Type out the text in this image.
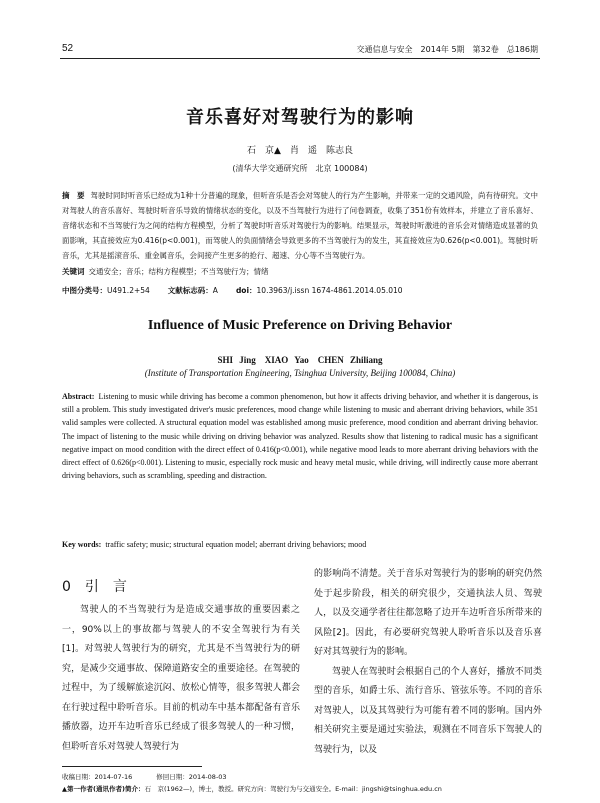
52	交通信息与安全　2014年 5期　第32卷　总186期
音乐喜好对驾驶行为的影响
石　京▲　肖　遥　陈志良
(清华大学交通研究所　北京 100084)
摘　要 驾驶时同时听音乐已经成为1种十分普遍的现象，但听音乐是否会对驾驶人的行为产生影响，并带来一定的交通风险，尚有待研究。文中对驾驶人的音乐喜好、驾驶时听音乐导致的情绪状态的变化，以及不当驾驶行为进行了问卷调查，收集了351份有效样本，并建立了音乐喜好、音绪状态和不当驾驶行为之间的结构方程模型，分析了驾驶时听音乐对驾驶行为的影响。结果显示，驾驶时听激进的音乐会对情绪造成显著的负面影响，其直接效应为0.416(p<0.001)，而驾驶人的负面情绪会导致更多的不当驾驶行为的发生，其直接效应为0.626(p<0.001)。驾驶时听音乐，尤其是摇滚音乐、重金属音乐，会间接产生更多的抢行、超速、分心等不当驾驶行为。
关键词 交通安全；音乐；结构方程模型；不当驾驶行为；情绪
中图分类号：U491.2+54 文献标志码：A doi：10.3963/j.issn 1674-4861.2014.05.010
Influence of Music Preference on Driving Behavior
SHI Jing　XIAO Yao　CHEN Zhiliang
(Institute of Transportation Engineering, Tsinghua University, Beijing 100084, China)
Abstract: Listening to music while driving has become a common phenomenon, but how it affects driving behavior, and whether it is dangerous, is still a problem. This study investigated driver's music preferences, mood change while listening to music and aberrant driving behaviors, while 351 valid samples were collected. A structural equation model was established among music preference, mood condition and aberrant driving behavior. The impact of listening to the music while driving on driving behavior was analyzed. Results show that listening to radical music has a significant negative impact on mood condition with the direct effect of 0.416(p<0.001), while negative mood leads to more aberrant driving behaviors with the direct effect of 0.626(p<0.001). Listening to music, especially rock music and heavy metal music, while driving, will indirectly cause more aberrant driving behaviors, such as scrambling, speeding and distraction.
Key words: traffic safety; music; structural equation model; aberrant driving behaviors; mood
0　引　言

驾驶人的不当驾驶行为是造成交通事故的重要因素之一，90%以上的事故都与驾驶人的不安全驾驶行为有关[1]。对驾驶人驾驶行为的研究，尤其是不当驾驶行为的研究，是减少交通事故、保障道路安全的重要途径。在驾驶的过程中，为了缓解旅途沉闷、放松心情等，很多驾驶人都会在行驶过程中聆听音乐。目前的机动车中基本都配备有音乐播放器，边开车边听音乐已经成了很多驾驶人的一种习惯，但聆听音乐对驾驶人驾驶行为

的影响尚不清楚。关于音乐对驾驶行为的影响的研究仍然处于起步阶段，相关的研究很少，交通执法人员、驾驶人，以及交通学者往往都忽略了边开车边听音乐所带来的风险[2]。因此，有必要研究驾驶人聆听音乐以及音乐喜好对其驾驶行为的影响。

驾驶人在驾驶时会根据自己的个人喜好，播放不同类型的音乐，如爵士乐、流行音乐、管弦乐等。不同的音乐对驾驶人，以及其驾驶行为可能有着不同的影响。国内外相关研究主要是通过实验法，观测在不同音乐下驾驶人的驾驶行为，以及

收稿日期：2014-07-16	修回日期：2014-08-03
▲第一作者(通讯作者)简介：石　京(1962—)，博士，教授。研究方向：驾驶行为与交通安全。E-mail：jingshi@tsinghua.edu.cn
